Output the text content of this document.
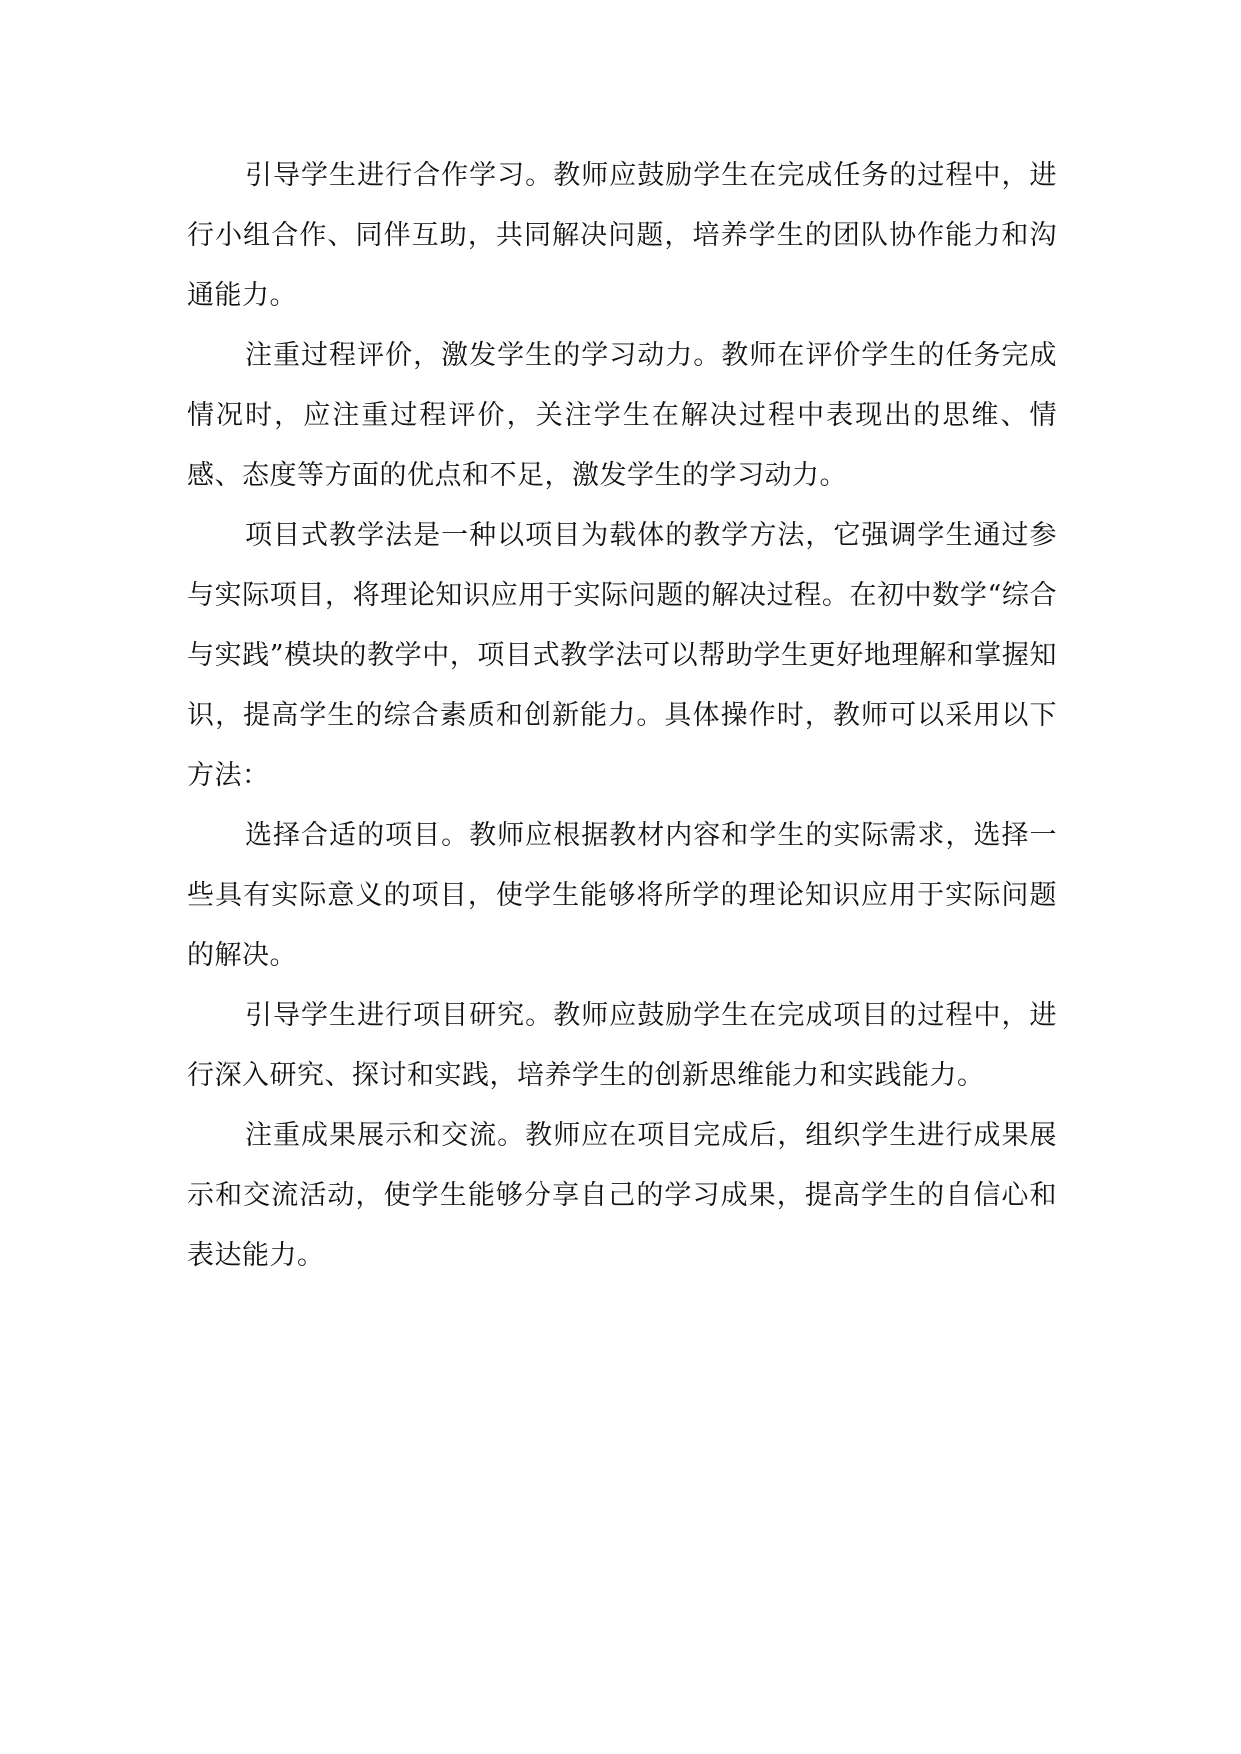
引导学生进行合作学习。教师应鼓励学生在完成任务的过程中，进行小组合作、同伴互助，共同解决问题，培养学生的团队协作能力和沟通能力。

注重过程评价，激发学生的学习动力。教师在评价学生的任务完成情况时，应注重过程评价，关注学生在解决过程中表现出的思维、情感、态度等方面的优点和不足，激发学生的学习动力。

项目式教学法是一种以项目为载体的教学方法，它强调学生通过参与实际项目，将理论知识应用于实际问题的解决过程。在初中数学“综合与实践”模块的教学中，项目式教学法可以帮助学生更好地理解和掌握知识，提高学生的综合素质和创新能力。具体操作时，教师可以采用以下方法：

选择合适的项目。教师应根据教材内容和学生的实际需求，选择一些具有实际意义的项目，使学生能够将所学的理论知识应用于实际问题的解决。

引导学生进行项目研究。教师应鼓励学生在完成项目的过程中，进行深入研究、探讨和实践，培养学生的创新思维能力和实践能力。

注重成果展示和交流。教师应在项目完成后，组织学生进行成果展示和交流活动，使学生能够分享自己的学习成果，提高学生的自信心和表达能力。
